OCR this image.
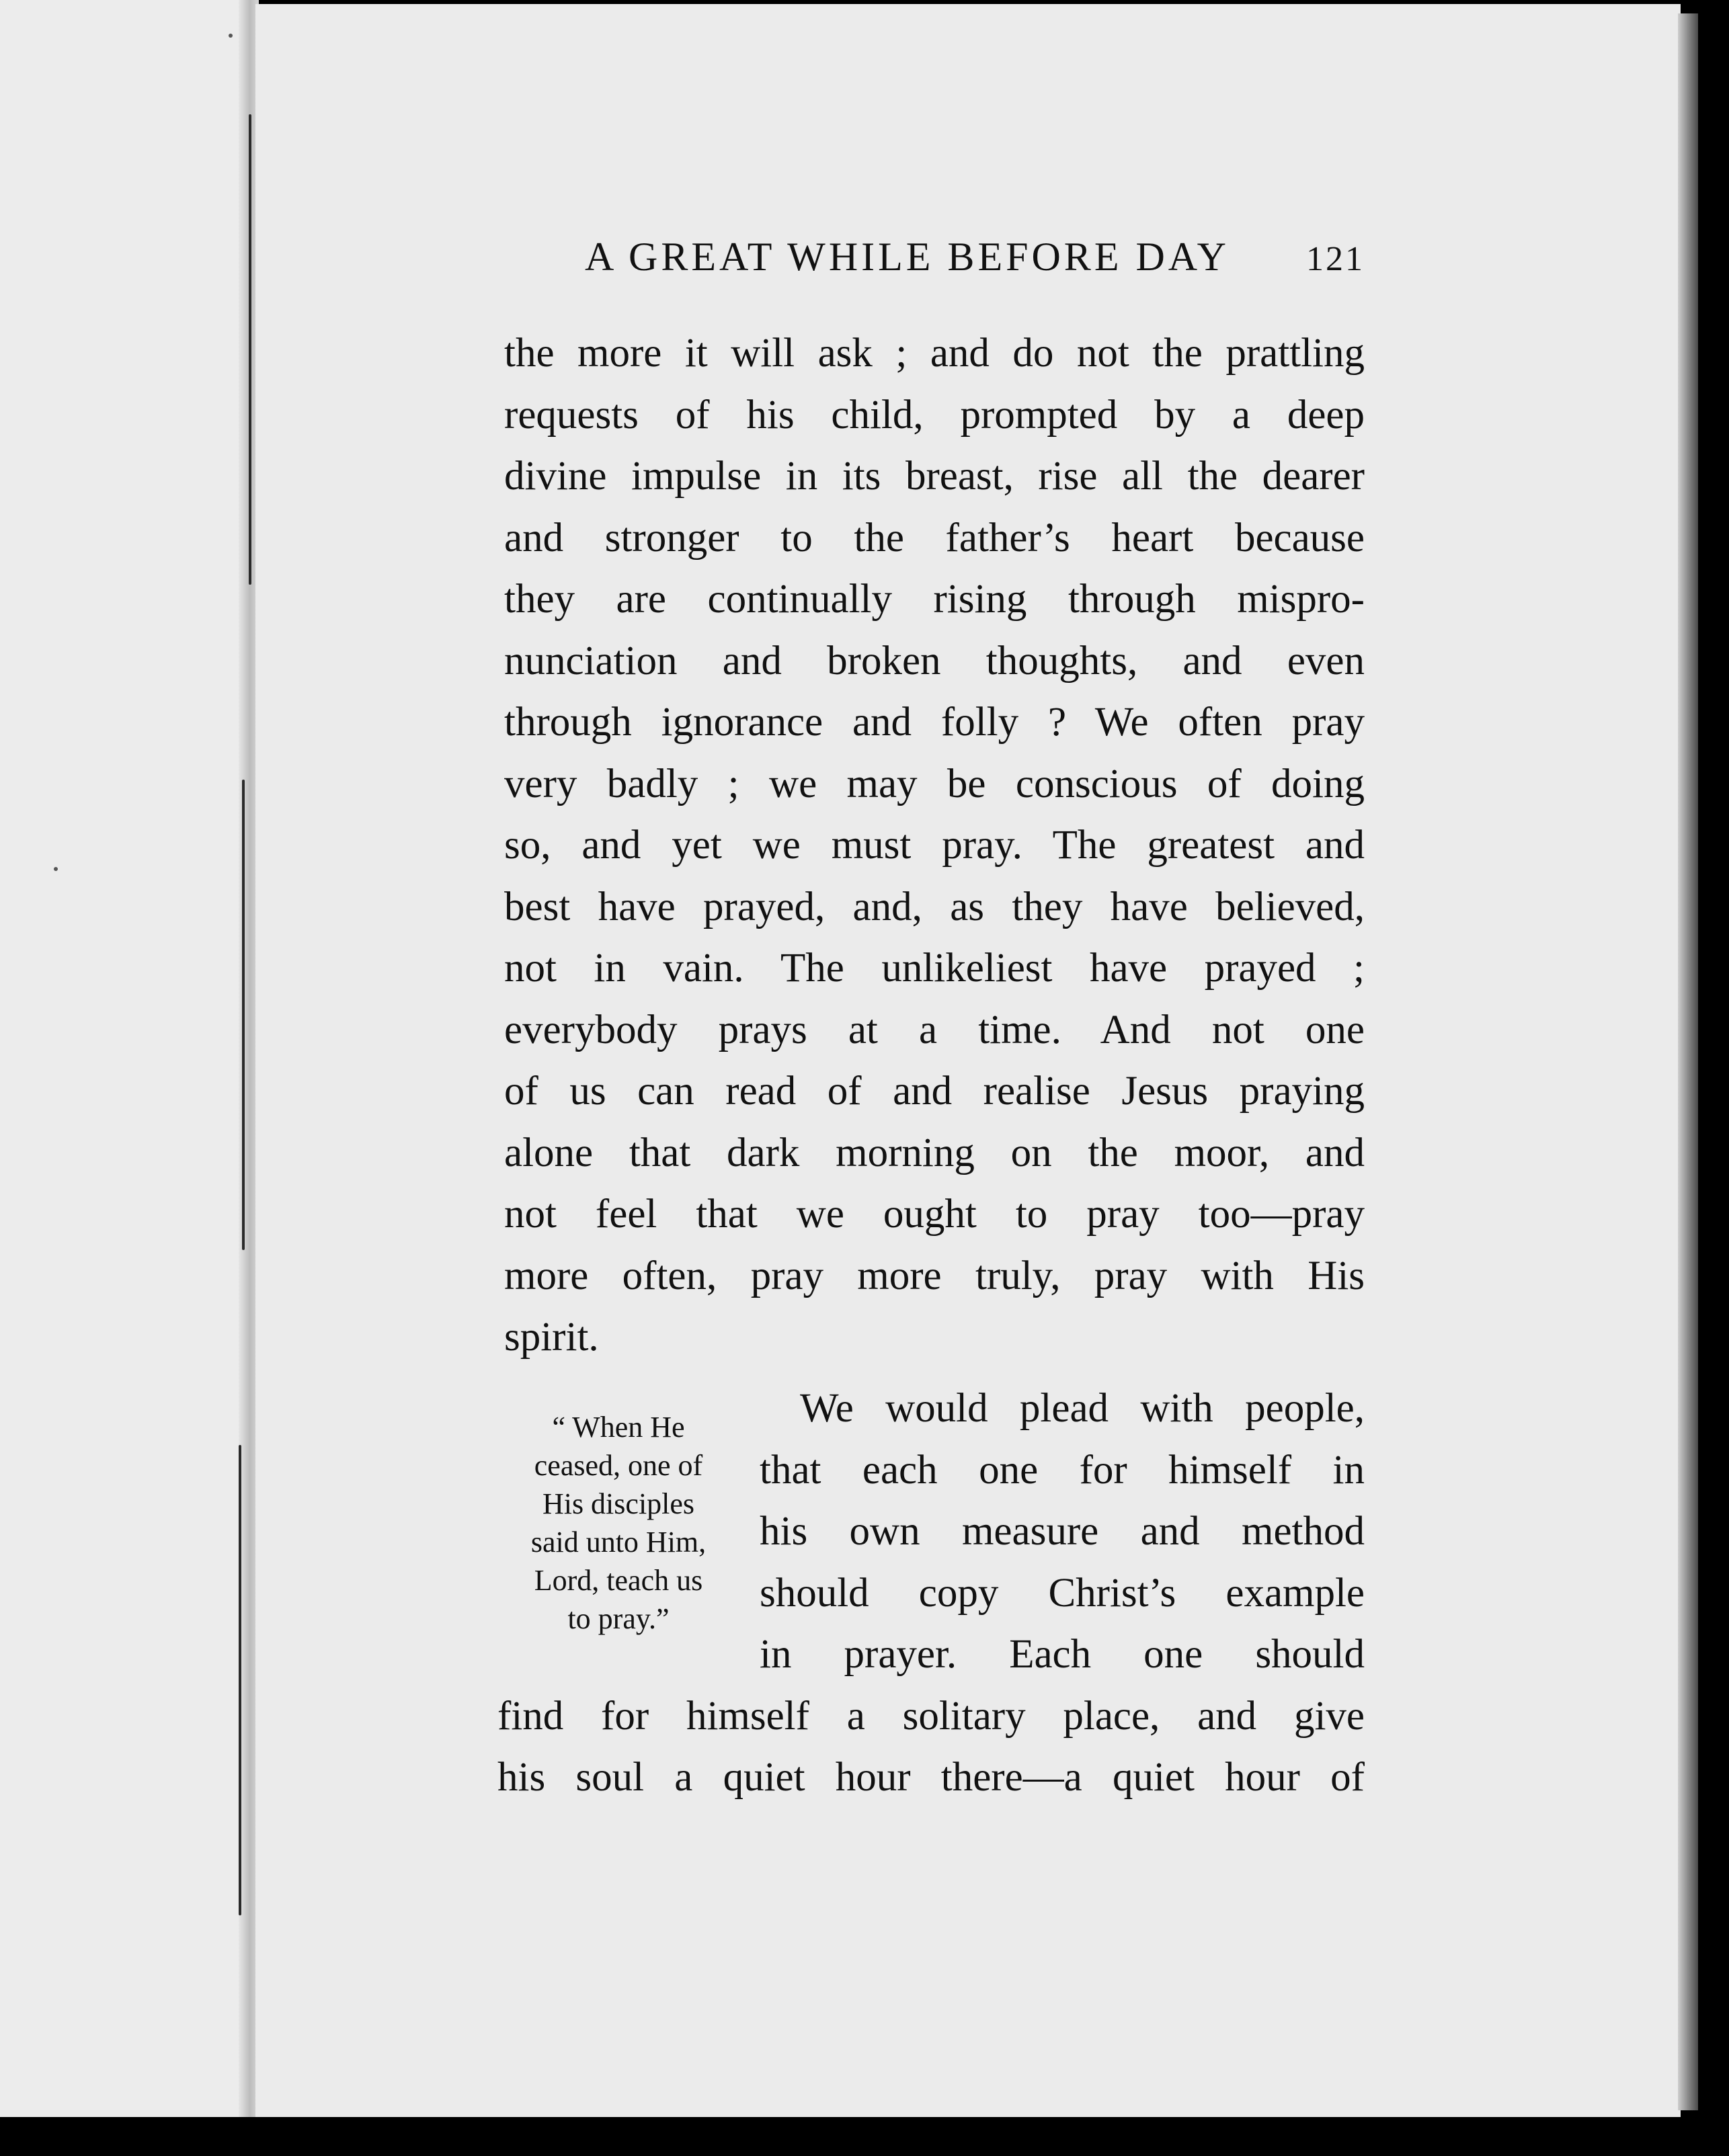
A GREAT WHILE BEFORE DAY 121
the more it will ask ; and do not the prattling
requests of his child, prompted by a deep
divine impulse in its breast, rise all the dearer
and stronger to the father’s heart because
they are continually rising through mispro-
nunciation and broken thoughts, and even
through ignorance and folly ? We often pray
very badly ; we may be conscious of doing
so, and yet we must pray. The greatest and
best have prayed, and, as they have believed,
not in vain. The unlikeliest have prayed ;
everybody prays at a time. And not one
of us can read of and realise Jesus praying
alone that dark morning on the moor, and
not feel that we ought to pray too—pray
more often, pray more truly, pray with His
spirit.
“ When He
ceased, one of
His disciples
said unto Him,
Lord, teach us
to pray.”
We would plead with people,
that each one for himself in
his own measure and method
should copy Christ’s example
in prayer. Each one should
find for himself a solitary place, and give
his soul a quiet hour there—a quiet hour of
